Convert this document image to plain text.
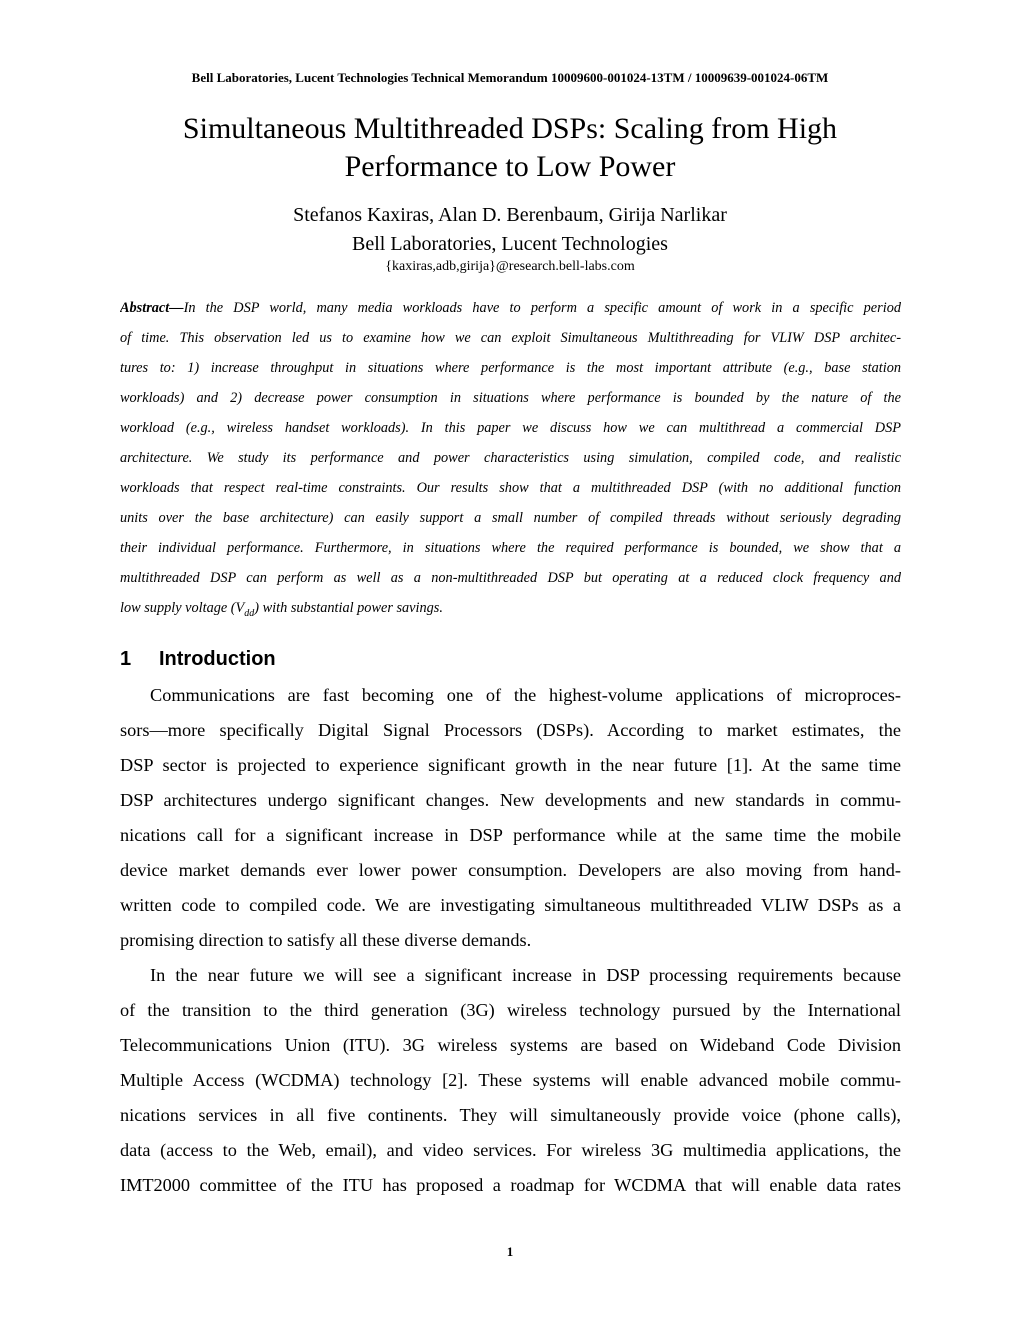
Bell Laboratories, Lucent Technologies Technical Memorandum 10009600-001024-13TM / 10009639-001024-06TM
Simultaneous Multithreaded DSPs: Scaling from High
Performance to Low Power
Stefanos Kaxiras, Alan D. Berenbaum, Girija Narlikar
Bell Laboratories, Lucent Technologies
{kaxiras,adb,girija}@research.bell-labs.com
Abstract—In the DSP world, many media workloads have to perform a specific amount of work in a specific period
of time. This observation led us to examine how we can exploit Simultaneous Multithreading for VLIW DSP architec-
tures to: 1) increase throughput in situations where performance is the most important attribute (e.g., base station
workloads) and 2) decrease power consumption in situations where performance is bounded by the nature of the
workload (e.g., wireless handset workloads). In this paper we discuss how we can multithread a commercial DSP
architecture. We study its performance and power characteristics using simulation, compiled code, and realistic
workloads that respect real-time constraints. Our results show that a multithreaded DSP (with no additional function
units over the base architecture) can easily support a small number of compiled threads without seriously degrading
their individual performance. Furthermore, in situations where the required performance is bounded, we show that a
multithreaded DSP can perform as well as a non-multithreaded DSP but operating at a reduced clock frequency and
low supply voltage $(V_{dd})$ with substantial power savings.
1 Introduction
Communications are fast becoming one of the highest-volume applications of microproces-
sors—more specifically Digital Signal Processors (DSPs). According to market estimates, the
DSP sector is projected to experience significant growth in the near future [1]. At the same time
DSP architectures undergo significant changes. New developments and new standards in commu-
nications call for a significant increase in DSP performance while at the same time the mobile
device market demands ever lower power consumption. Developers are also moving from hand-
written code to compiled code. We are investigating simultaneous multithreaded VLIW DSPs as a
promising direction to satisfy all these diverse demands.
In the near future we will see a significant increase in DSP processing requirements because
of the transition to the third generation (3G) wireless technology pursued by the International
Telecommunications Union (ITU). 3G wireless systems are based on Wideband Code Division
Multiple Access (WCDMA) technology [2]. These systems will enable advanced mobile commu-
nications services in all five continents. They will simultaneously provide voice (phone calls),
data (access to the Web, email), and video services. For wireless 3G multimedia applications, the
IMT2000 committee of the ITU has proposed a roadmap for WCDMA that will enable data rates
1
